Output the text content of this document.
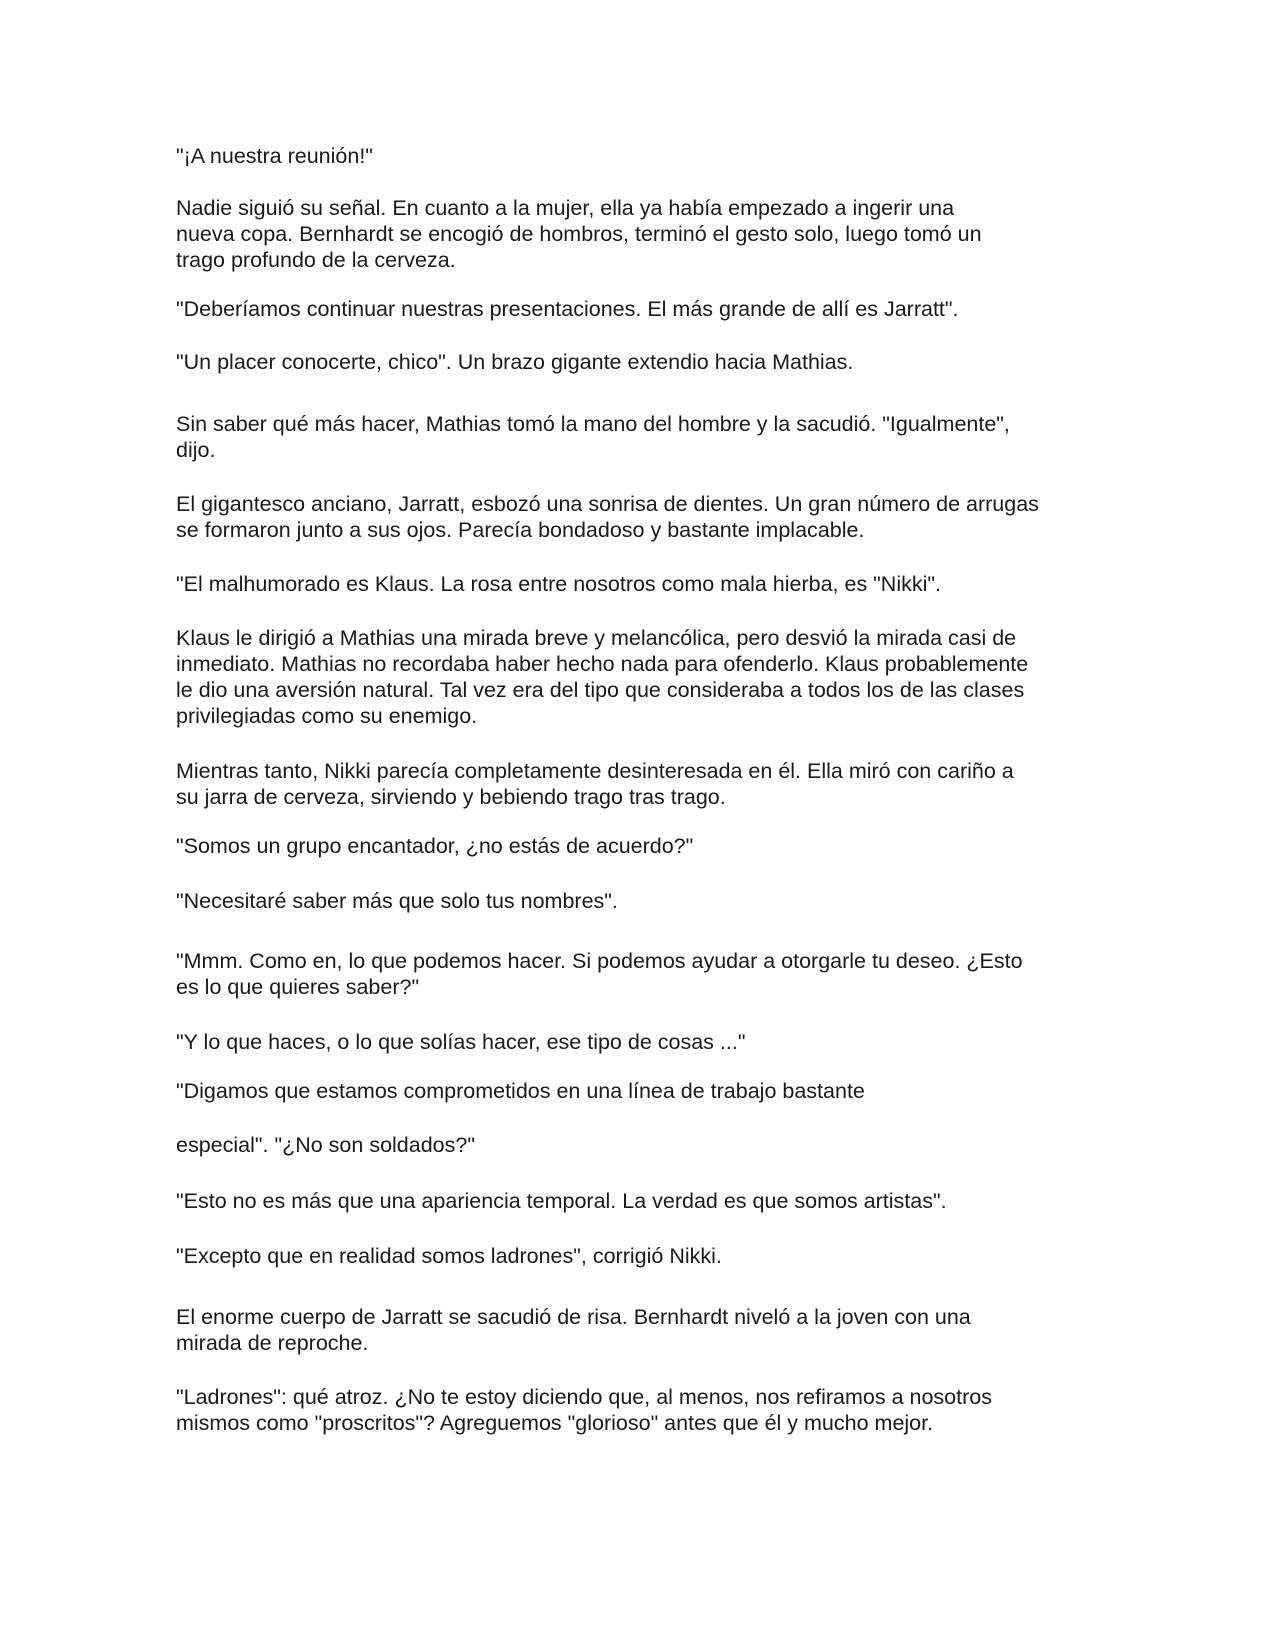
"¡A nuestra reunión!"

Nadie siguió su señal. En cuanto a la mujer, ella ya había empezado a ingerir una
nueva copa. Bernhardt se encogió de hombros, terminó el gesto solo, luego tomó un
trago profundo de la cerveza.

"Deberíamos continuar nuestras presentaciones. El más grande de allí es Jarratt".

"Un placer conocerte, chico". Un brazo gigante extendio hacia Mathias.

Sin saber qué más hacer, Mathias tomó la mano del hombre y la sacudió. "Igualmente",
dijo.

El gigantesco anciano, Jarratt, esbozó una sonrisa de dientes. Un gran número de arrugas
se formaron junto a sus ojos. Parecía bondadoso y bastante implacable.

"El malhumorado es Klaus. La rosa entre nosotros como mala hierba, es "Nikki".

Klaus le dirigió a Mathias una mirada breve y melancólica, pero desvió la mirada casi de
inmediato. Mathias no recordaba haber hecho nada para ofenderlo. Klaus probablemente
le dio una aversión natural. Tal vez era del tipo que consideraba a todos los de las clases
privilegiadas como su enemigo.

Mientras tanto, Nikki parecía completamente desinteresada en él. Ella miró con cariño a
su jarra de cerveza, sirviendo y bebiendo trago tras trago.

"Somos un grupo encantador, ¿no estás de acuerdo?"

"Necesitaré saber más que solo tus nombres".

"Mmm. Como en, lo que podemos hacer. Si podemos ayudar a otorgarle tu deseo. ¿Esto
es lo que quieres saber?"

"Y lo que haces, o lo que solías hacer, ese tipo de cosas ..."

"Digamos que estamos comprometidos en una línea de trabajo bastante

especial". "¿No son soldados?"

"Esto no es más que una apariencia temporal. La verdad es que somos artistas".

"Excepto que en realidad somos ladrones", corrigió Nikki.

El enorme cuerpo de Jarratt se sacudió de risa. Bernhardt niveló a la joven con una
mirada de reproche.

"Ladrones": qué atroz. ¿No te estoy diciendo que, al menos, nos refiramos a nosotros
mismos como "proscritos"? Agreguemos "glorioso" antes que él y mucho mejor.
